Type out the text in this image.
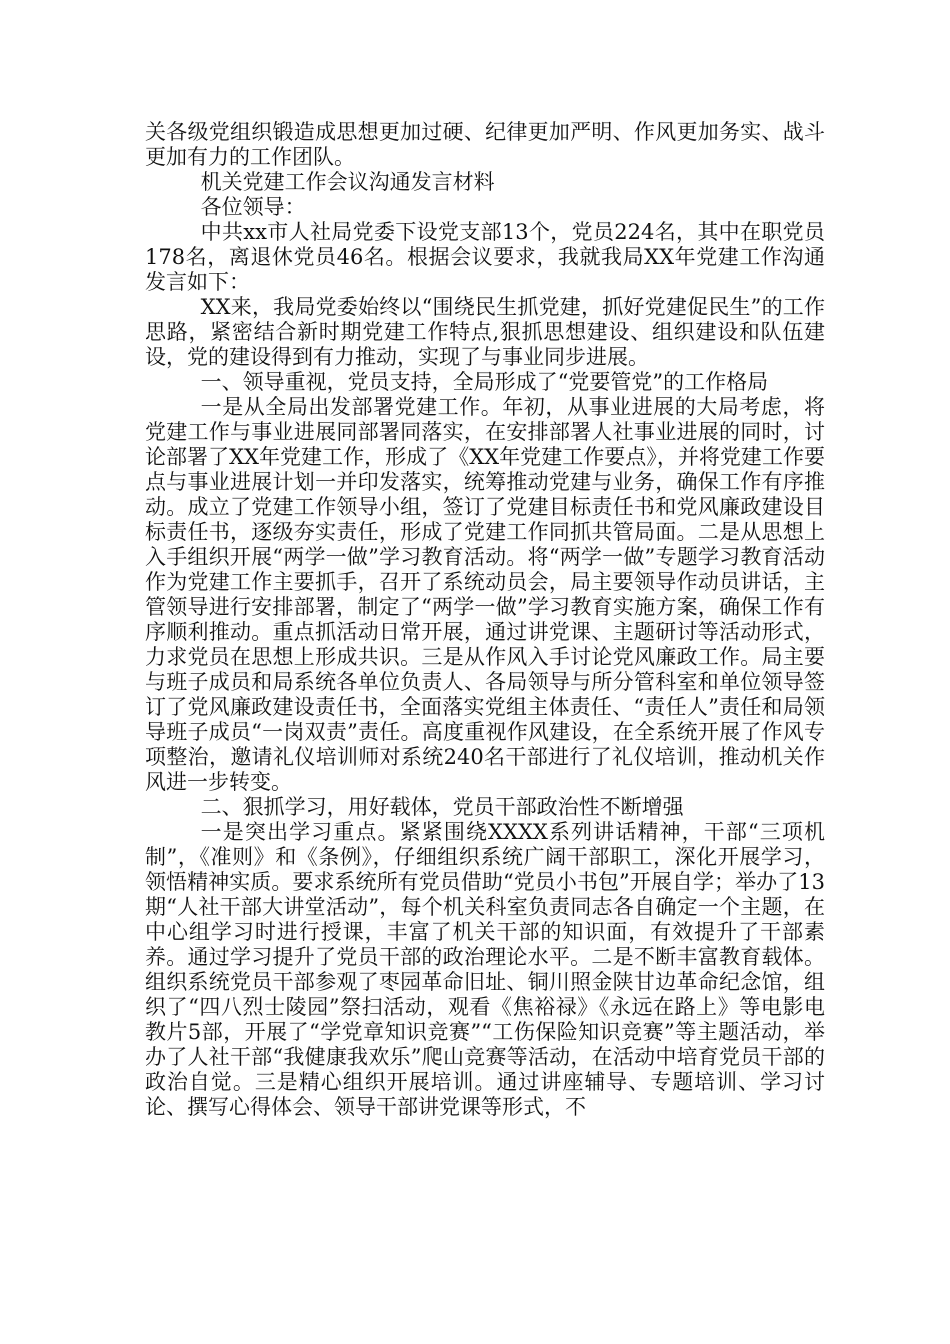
关各级党组织锻造成思想更加过硬、纪律更加严明、作风更加务实、战斗更加有力的工作团队。

机关党建工作会议沟通发言材料

各位领导：

中共xx市人社局党委下设党支部13个，党员224名，其中在职党员178名，离退休党员46名。根据会议要求，我就我局XX年党建工作沟通发言如下：

XX来，我局党委始终以“围绕民生抓党建，抓好党建促民生”的工作思路，紧密结合新时期党建工作特点,狠抓思想建设、组织建设和队伍建设，党的建设得到有力推动，实现了与事业同步进展。

一、领导重视，党员支持，全局形成了“党要管党”的工作格局

一是从全局出发部署党建工作。年初，从事业进展的大局考虑，将党建工作与事业进展同部署同落实，在安排部署人社事业进展的同时，讨论部署了XX年党建工作，形成了《XX年党建工作要点》，并将党建工作要点与事业进展计划一并印发落实，统筹推动党建与业务，确保工作有序推动。成立了党建工作领导小组，签订了党建目标责任书和党风廉政建设目标责任书，逐级夯实责任，形成了党建工作同抓共管局面。二是从思想上入手组织开展“两学一做”学习教育活动。将“两学一做”专题学习教育活动作为党建工作主要抓手，召开了系统动员会，局主要领导作动员讲话，主管领导进行安排部署，制定了“两学一做”学习教育实施方案，确保工作有序顺利推动。重点抓活动日常开展，通过讲党课、主题研讨等活动形式，力求党员在思想上形成共识。三是从作风入手讨论党风廉政工作。局主要与班子成员和局系统各单位负责人、各局领导与所分管科室和单位领导签订了党风廉政建设责任书，全面落实党组主体责任、“责任人”责任和局领导班子成员“一岗双责”责任。高度重视作风建设，在全系统开展了作风专项整治，邀请礼仪培训师对系统240名干部进行了礼仪培训，推动机关作风进一步转变。

二、狠抓学习，用好载体，党员干部政治性不断增强

一是突出学习重点。紧紧围绕XXXX系列讲话精神，干部“三项机制”，《准则》和《条例》，仔细组织系统广阔干部职工，深化开展学习，领悟精神实质。要求系统所有党员借助“党员小书包”开展自学；举办了13期“人社干部大讲堂活动”，每个机关科室负责同志各自确定一个主题，在中心组学习时进行授课，丰富了机关干部的知识面，有效提升了干部素养。通过学习提升了党员干部的政治理论水平。二是不断丰富教育载体。组织系统党员干部参观了枣园革命旧址、铜川照金陕甘边革命纪念馆，组织了“四八烈士陵园”祭扫活动，观看《焦裕禄》《永远在路上》等电影电教片5部，开展了“学党章知识竞赛”“工伤保险知识竞赛”等主题活动，举办了人社干部“我健康我欢乐”爬山竞赛等活动，在活动中培育党员干部的政治自觉。三是精心组织开展培训。通过讲座辅导、专题培训、学习讨论、撰写心得体会、领导干部讲党课等形式，不
